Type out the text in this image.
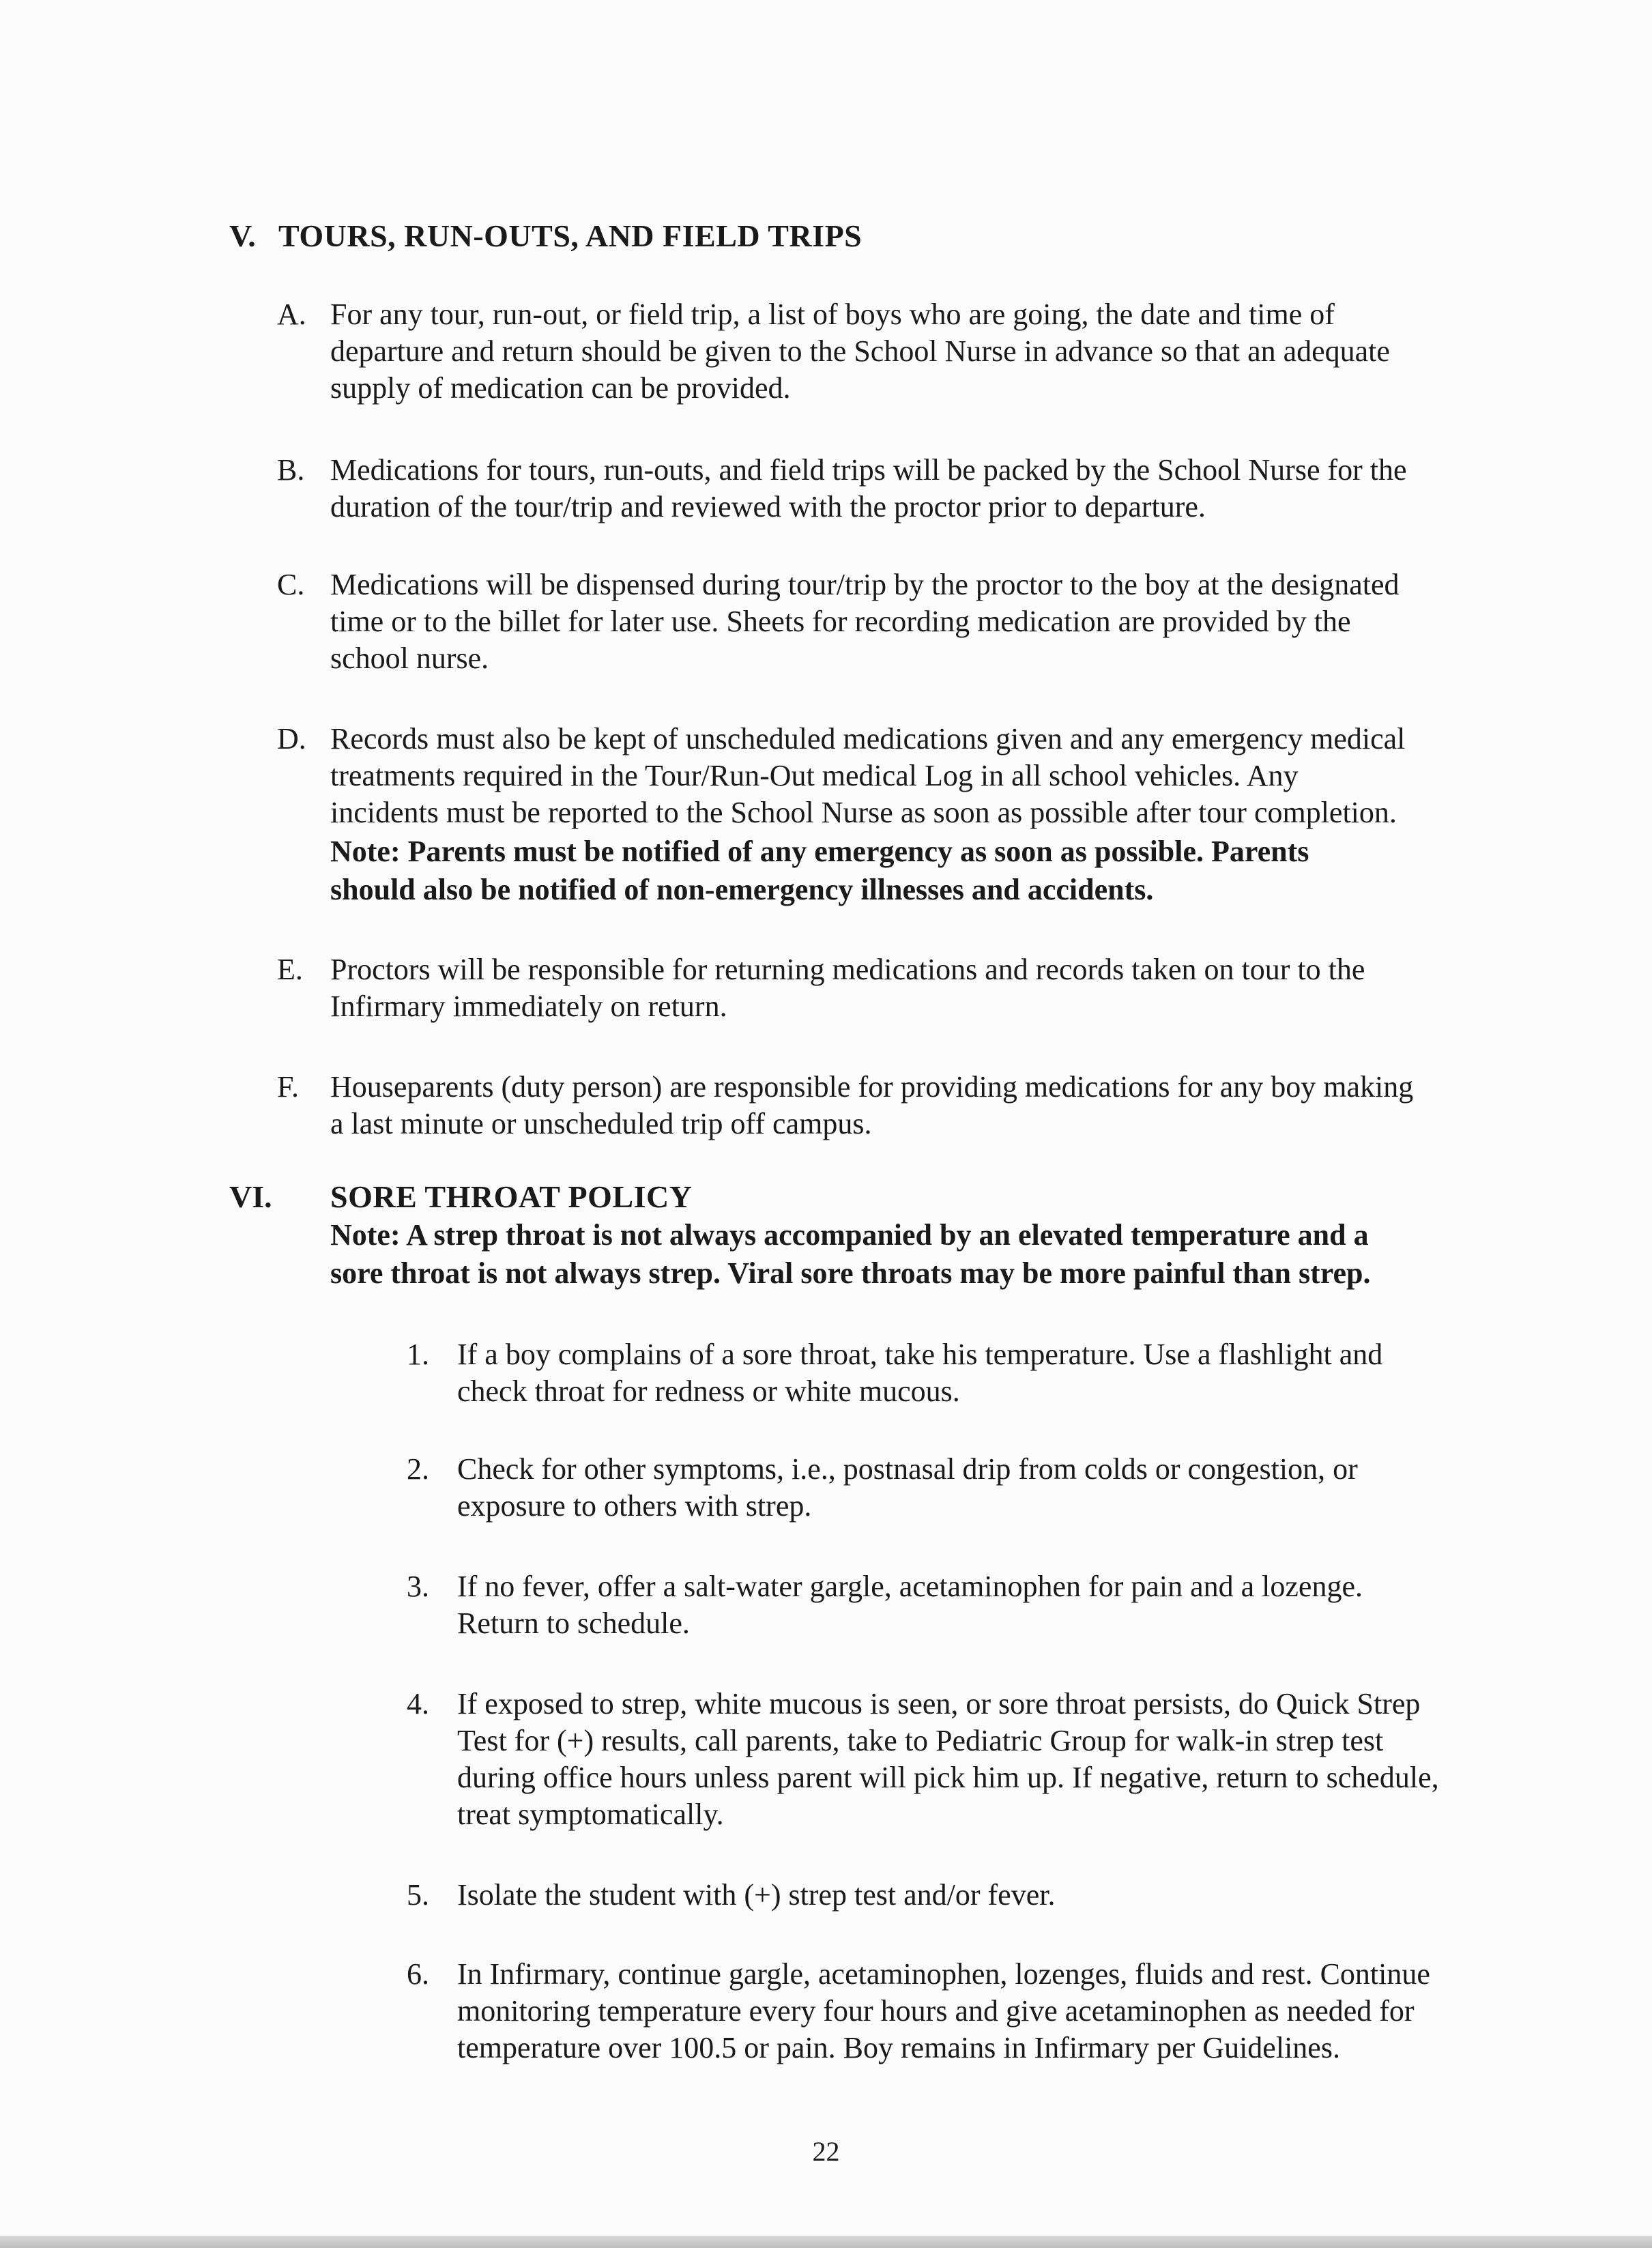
V. TOURS, RUN-OUTS, AND FIELD TRIPS
A. For any tour, run-out, or field trip, a list of boys who are going, the date and time of
departure and return should be given to the School Nurse in advance so that an adequate
supply of medication can be provided.
B. Medications for tours, run-outs, and field trips will be packed by the School Nurse for the
duration of the tour/trip and reviewed with the proctor prior to departure.
C. Medications will be dispensed during tour/trip by the proctor to the boy at the designated
time or to the billet for later use. Sheets for recording medication are provided by the
school nurse.
D. Records must also be kept of unscheduled medications given and any emergency medical
treatments required in the Tour/Run-Out medical Log in all school vehicles. Any
incidents must be reported to the School Nurse as soon as possible after tour completion.
Note: Parents must be notified of any emergency as soon as possible. Parents
should also be notified of non-emergency illnesses and accidents.
E. Proctors will be responsible for returning medications and records taken on tour to the
Infirmary immediately on return.
F. Houseparents (duty person) are responsible for providing medications for any boy making
a last minute or unscheduled trip off campus.
VI. SORE THROAT POLICY
Note: A strep throat is not always accompanied by an elevated temperature and a
sore throat is not always strep. Viral sore throats may be more painful than strep.
1. If a boy complains of a sore throat, take his temperature. Use a flashlight and
check throat for redness or white mucous.
2. Check for other symptoms, i.e., postnasal drip from colds or congestion, or
exposure to others with strep.
3. If no fever, offer a salt-water gargle, acetaminophen for pain and a lozenge.
Return to schedule.
4. If exposed to strep, white mucous is seen, or sore throat persists, do Quick Strep
Test for (+) results, call parents, take to Pediatric Group for walk-in strep test
during office hours unless parent will pick him up. If negative, return to schedule,
treat symptomatically.
5. Isolate the student with (+) strep test and/or fever.
6. In Infirmary, continue gargle, acetaminophen, lozenges, fluids and rest. Continue
monitoring temperature every four hours and give acetaminophen as needed for
temperature over 100.5 or pain. Boy remains in Infirmary per Guidelines.
22
